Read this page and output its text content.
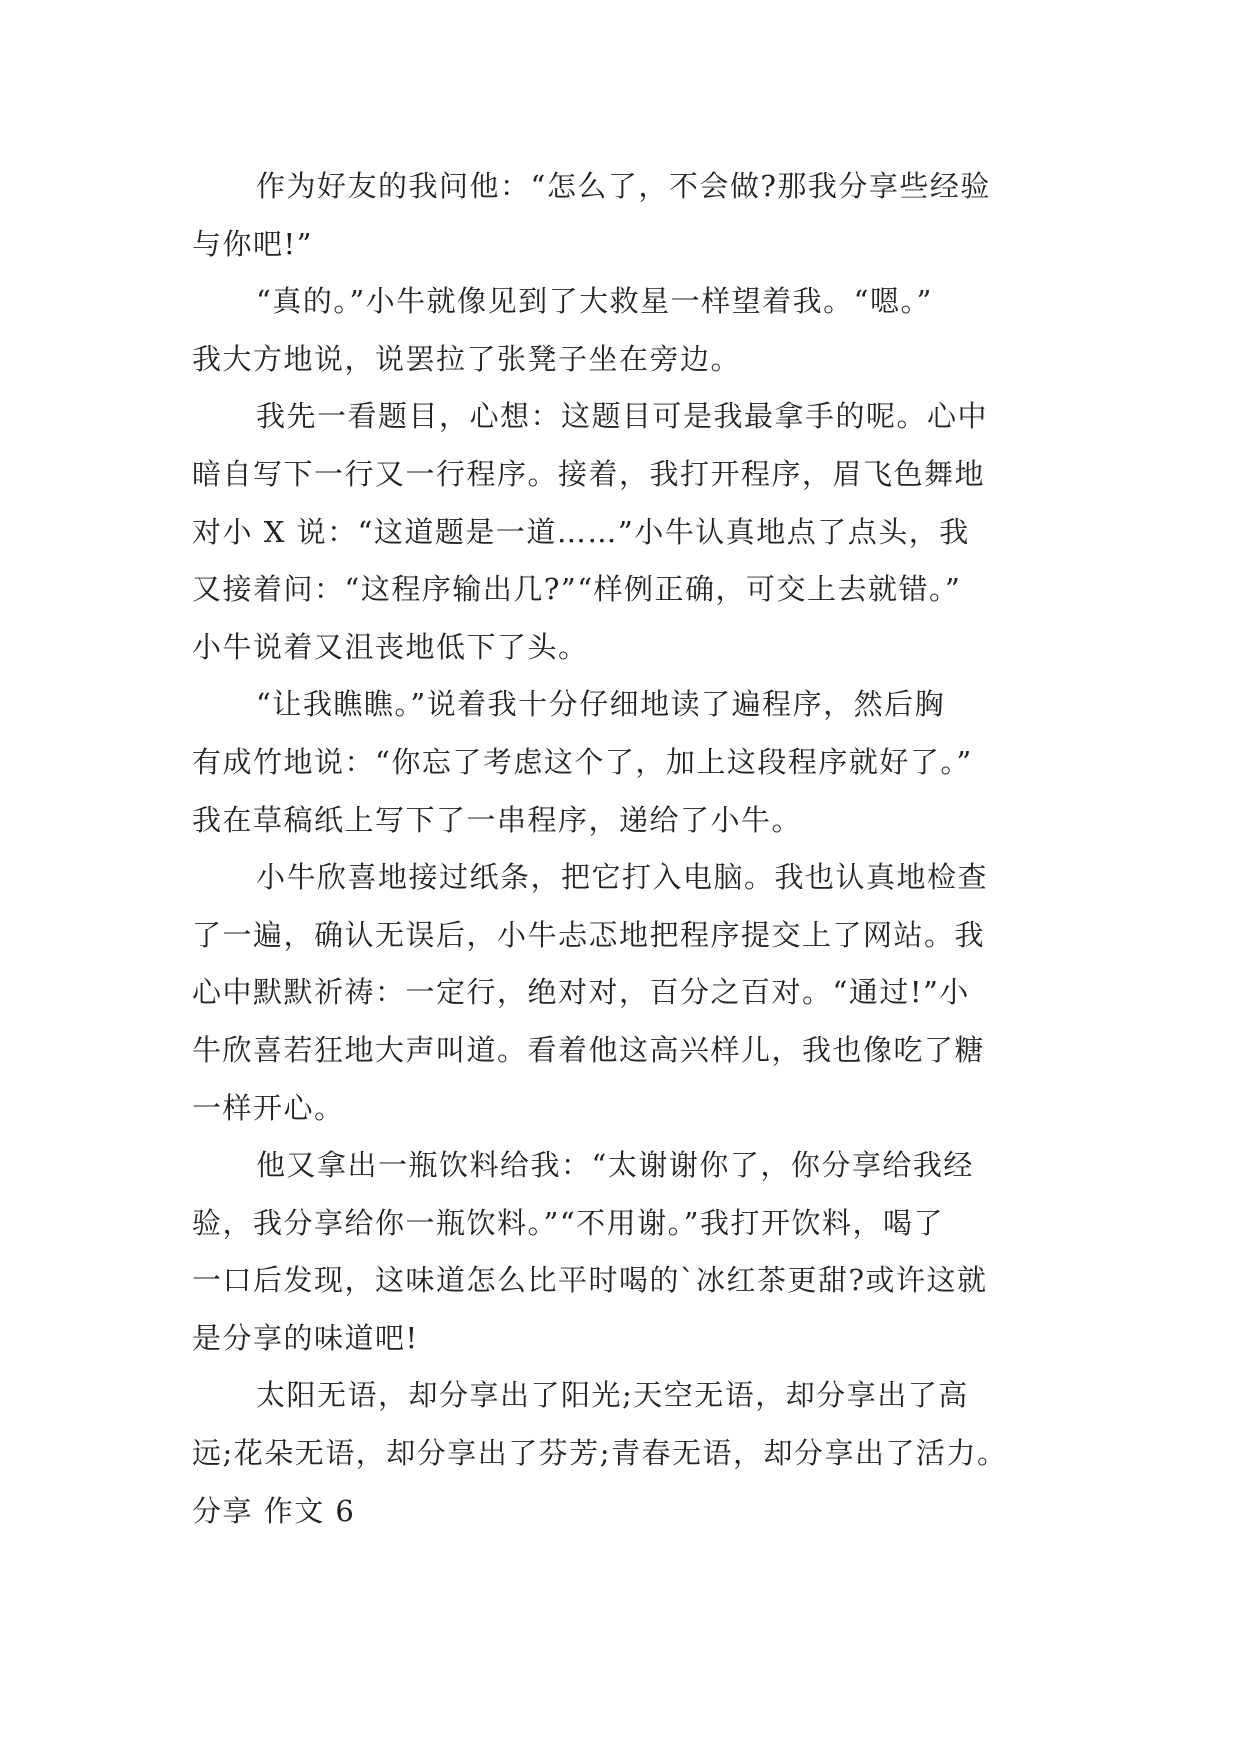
作为好友的我问他：“怎么了，不会做?那我分享些经验
与你吧!”
“真的。”小牛就像见到了大救星一样望着我。“嗯。”
我大方地说，说罢拉了张凳子坐在旁边。
我先一看题目，心想：这题目可是我最拿手的呢。心中
暗自写下一行又一行程序。接着，我打开程序，眉飞色舞地
对小 X 说：“这道题是一道……”小牛认真地点了点头，我
又接着问：“这程序输出几?”“样例正确，可交上去就错。”
小牛说着又沮丧地低下了头。
“让我瞧瞧。”说着我十分仔细地读了遍程序，然后胸
有成竹地说：“你忘了考虑这个了，加上这段程序就好了。”
我在草稿纸上写下了一串程序，递给了小牛。
小牛欣喜地接过纸条，把它打入电脑。我也认真地检查
了一遍，确认无误后，小牛忐忑地把程序提交上了网站。我
心中默默祈祷：一定行，绝对对，百分之百对。“通过!”小
牛欣喜若狂地大声叫道。看着他这高兴样儿，我也像吃了糖
一样开心。
他又拿出一瓶饮料给我：“太谢谢你了，你分享给我经
验，我分享给你一瓶饮料。”“不用谢。”我打开饮料，喝了
一口后发现，这味道怎么比平时喝的`冰红茶更甜?或许这就
是分享的味道吧!
太阳无语，却分享出了阳光;天空无语，却分享出了高
远;花朵无语，却分享出了芬芳;青春无语，却分享出了活力。
分享 作文 6
